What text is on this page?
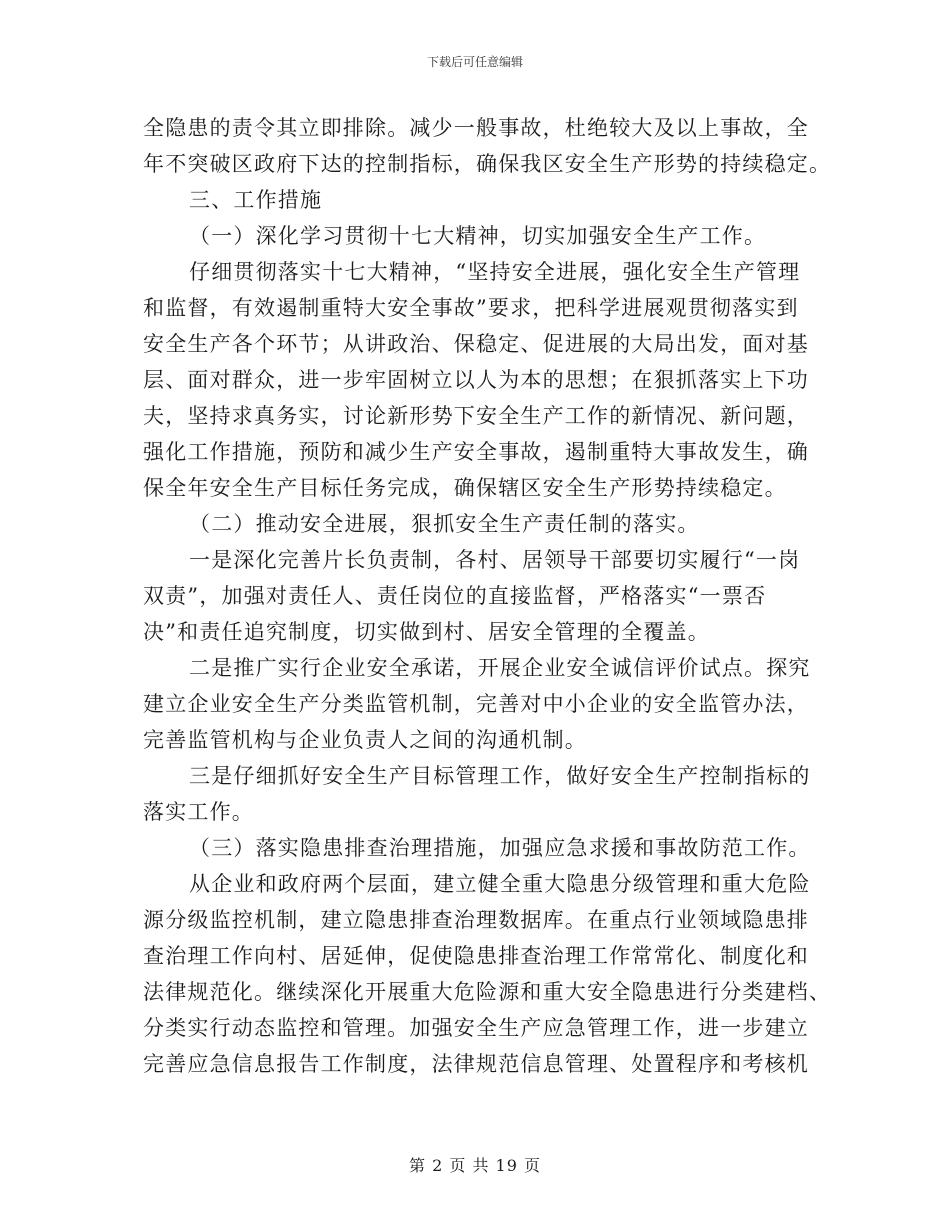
下载后可任意编辑
全隐患的责令其立即排除。减少一般事故，杜绝较大及以上事故，全
年不突破区政府下达的控制指标，确保我区安全生产形势的持续稳定。
三、工作措施
（一）深化学习贯彻十七大精神，切实加强安全生产工作。
仔细贯彻落实十七大精神，“坚持安全进展，强化安全生产管理
和监督，有效遏制重特大安全事故”要求，把科学进展观贯彻落实到
安全生产各个环节；从讲政治、保稳定、促进展的大局出发，面对基
层、面对群众，进一步牢固树立以人为本的思想；在狠抓落实上下功
夫，坚持求真务实，讨论新形势下安全生产工作的新情况、新问题，
强化工作措施，预防和减少生产安全事故，遏制重特大事故发生，确
保全年安全生产目标任务完成，确保辖区安全生产形势持续稳定。
（二）推动安全进展，狠抓安全生产责任制的落实。
一是深化完善片长负责制，各村、居领导干部要切实履行“一岗
双责”，加强对责任人、责任岗位的直接监督，严格落实“一票否
决”和责任追究制度，切实做到村、居安全管理的全覆盖。
二是推广实行企业安全承诺，开展企业安全诚信评价试点。探究
建立企业安全生产分类监管机制，完善对中小企业的安全监管办法，
完善监管机构与企业负责人之间的沟通机制。
三是仔细抓好安全生产目标管理工作，做好安全生产控制指标的
落实工作。
（三）落实隐患排查治理措施，加强应急求援和事故防范工作。
从企业和政府两个层面，建立健全重大隐患分级管理和重大危险
源分级监控机制，建立隐患排查治理数据库。在重点行业领域隐患排
查治理工作向村、居延伸，促使隐患排查治理工作常常化、制度化和
法律规范化。继续深化开展重大危险源和重大安全隐患进行分类建档、
分类实行动态监控和管理。加强安全生产应急管理工作，进一步建立
完善应急信息报告工作制度，法律规范信息管理、处置程序和考核机
第 2 页 共 19 页
